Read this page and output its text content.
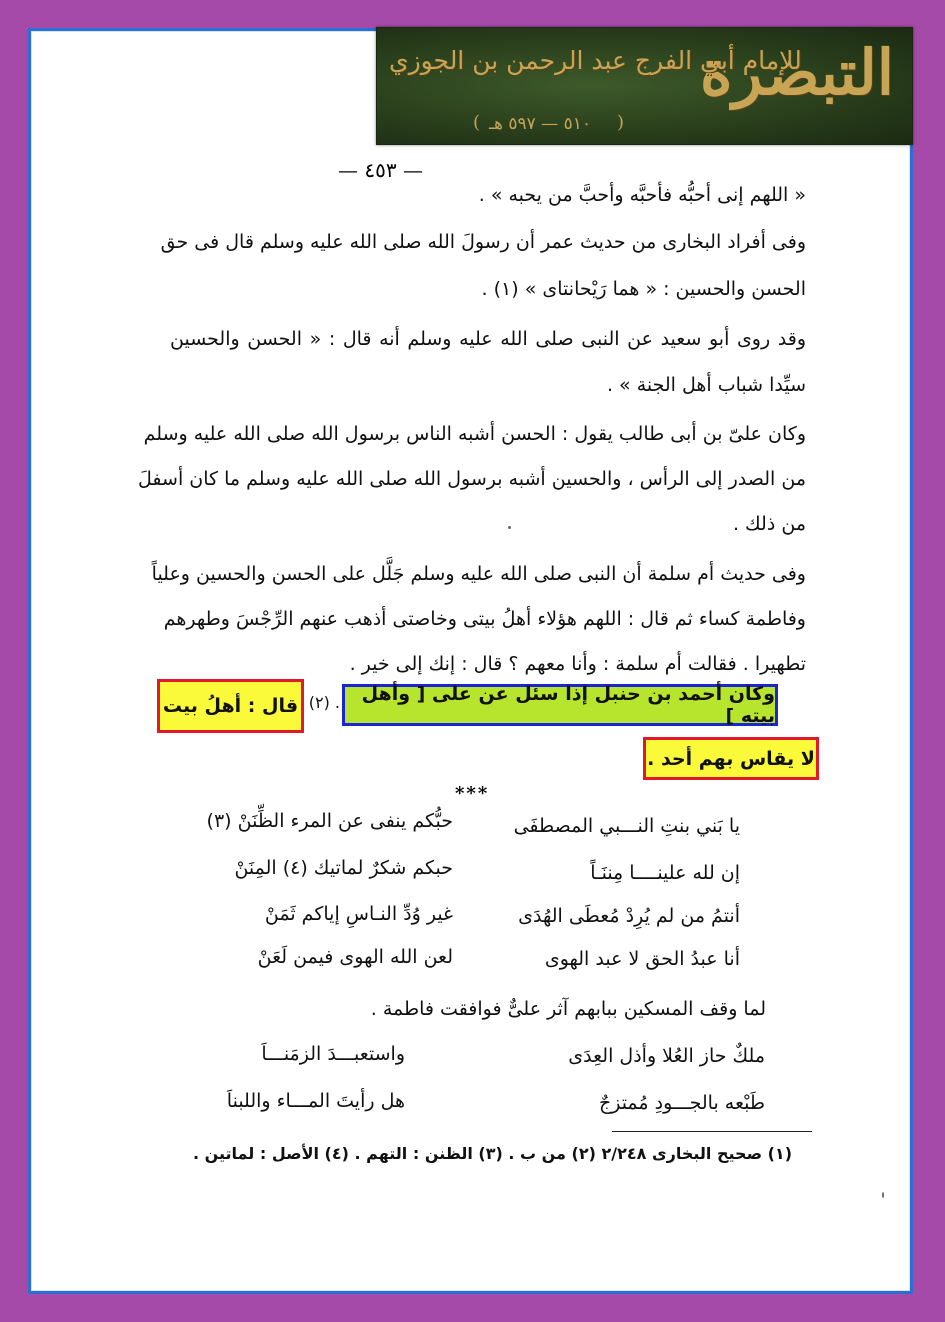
التبصرة
للإمام أبي الفرج عبد الرحمن بن الجوزي
( ٥١٠ — ٥٩٧ هـ )
— ٤٥٣ —
« اللهم إنى أحبُّه فأحبَّه وأحبَّ من يحبه » .
وفى أفراد البخارى من حديث عمر أن رسولَ الله صلى الله عليه وسلم قال فى حق
الحسن والحسين : « هما رَيْحانتاى » (١) .
وقد روى أبو سعيد عن النبى صلى الله عليه وسلم أنه قال : « الحسن والحسين
سيِّدا شباب أهل الجنة » .
وكان علىّ بن أبى طالب يقول : الحسن أشبه الناس برسول الله صلى الله عليه وسلم
من الصدر إلى الرأس ، والحسين أشبه برسول الله صلى الله عليه وسلم ما كان أسفلَ
من ذلك .
وفى حديث أم سلمة أن النبى صلى الله عليه وسلم جَلَّل على الحسن والحسين وعلياً
وفاطمة كساء ثم قال : اللهم هؤلاء أهلُ بيتى وخاصتى أذهب عنهم الرِّجْسَ وطهرهم
تطهيرا . فقالت أم سلمة : وأنا معهم ؟ قال : إنك إلى خير .
وكان أحمد بن حنبل إذا سئل عن على [ وأهل بيته ]
(٢) .
قال : أهلُ بيت
لا يقاس بهم أحد .
***
يا بَني بنتِ النـــبي المصطفَى
حبُّكم ينفى عن المرء الظِّنَنْ (٣)
إن لله علينــــا مِننَـاً
حبكم شكرٌ لماتيك (٤) المِنَنْ
أنتمُ من لم يُرِدْ مُعطَى الهُدَى
غير وُدِّ النـاسِ إياكم ثَمَنْ
أنا عبدُ الحق لا عبد الهوى
لعن الله الهوى فيمن لَعَنْ
لما وقف المسكين ببابهم آثر علىٌّ فوافقت فاطمة .
ملكٌ حاز العُلا وأذل العِدَى
واستعبـــدَ الزمَنـــاَ
طَبْعه بالجـــودِ مُمتزجٌ
هل رأيتَ المـــاء واللبناَ
(١) صحيح البخارى ٢/٢٤٨ (٢) من ب . (٣) الظنن : التهم . (٤) الأصل : لماتين .
